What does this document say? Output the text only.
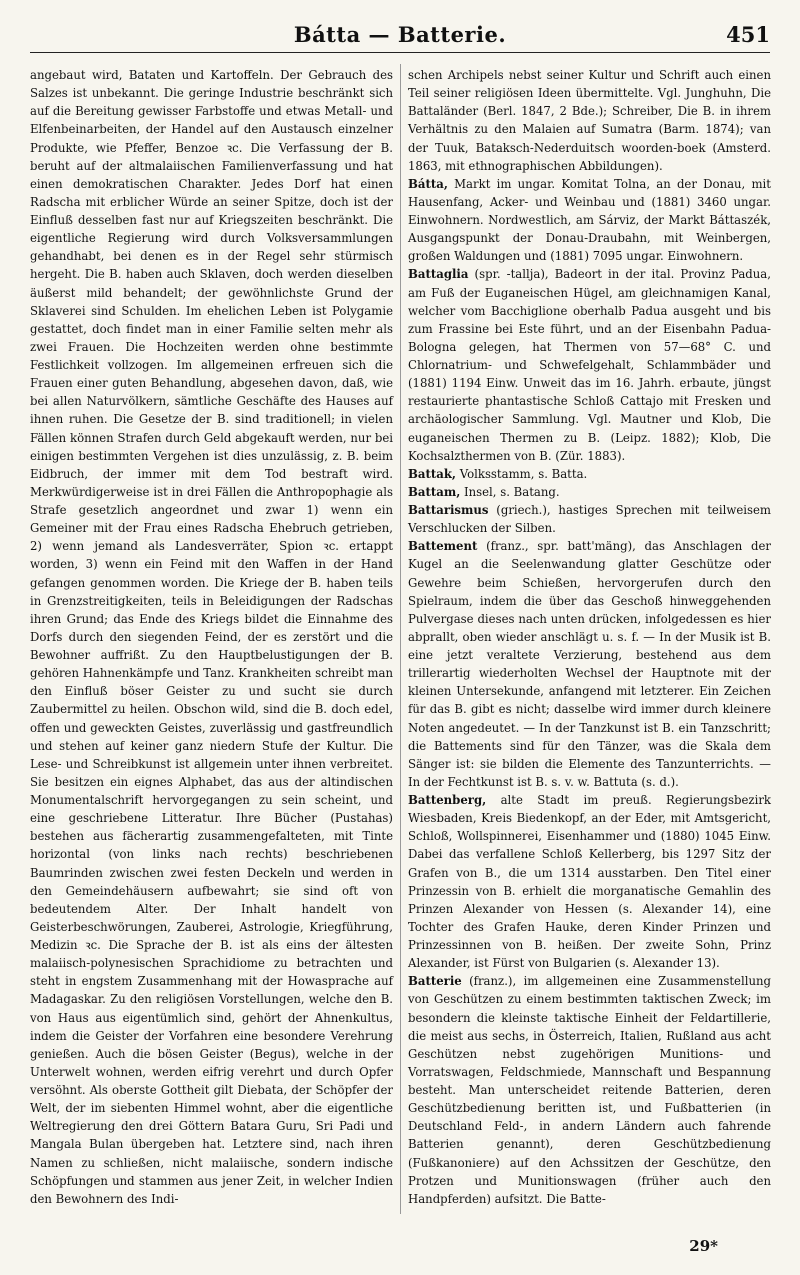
Bátta — Batterie.	451

angebaut wird, Bataten und Kartoffeln. Der Gebrauch des Salzes ist unbekannt. Die geringe Industrie beschränkt sich auf die Bereitung gewisser Farbstoffe und etwas Metall- und Elfenbeinarbeiten, der Handel auf den Austausch einzelner Produkte, wie Pfeffer, Benzoe ꝛc. Die Verfassung der B. beruht auf der altmalaiischen Familienverfassung und hat einen demokratischen Charakter. Jedes Dorf hat einen Radscha mit erblicher Würde an seiner Spitze, doch ist der Einfluß desselben fast nur auf Kriegszeiten beschränkt. Die eigentliche Regierung wird durch Volksversammlungen gehandhabt, bei denen es in der Regel sehr stürmisch hergeht. Die B. haben auch Sklaven, doch werden dieselben äußerst mild behandelt; der gewöhnlichste Grund der Sklaverei sind Schulden. Im ehelichen Leben ist Polygamie gestattet, doch findet man in einer Familie selten mehr als zwei Frauen. Die Hochzeiten werden ohne bestimmte Festlichkeit vollzogen. Im allgemeinen erfreuen sich die Frauen einer guten Behandlung, abgesehen davon, daß, wie bei allen Naturvölkern, sämtliche Geschäfte des Hauses auf ihnen ruhen. Die Gesetze der B. sind traditionell; in vielen Fällen können Strafen durch Geld abgekauft werden, nur bei einigen bestimmten Vergehen ist dies unzulässig, z. B. beim Eidbruch, der immer mit dem Tod bestraft wird. Merkwürdigerweise ist in drei Fällen die Anthropophagie als Strafe gesetzlich angeordnet und zwar 1) wenn ein Gemeiner mit der Frau eines Radscha Ehebruch getrieben, 2) wenn jemand als Landesverräter, Spion ꝛc. ertappt worden, 3) wenn ein Feind mit den Waffen in der Hand gefangen genommen worden. Die Kriege der B. haben teils in Grenzstreitigkeiten, teils in Beleidigungen der Radschas ihren Grund; das Ende des Kriegs bildet die Einnahme des Dorfs durch den siegenden Feind, der es zerstört und die Bewohner auffrißt. Zu den Hauptbelustigungen der B. gehören Hahnenkämpfe und Tanz. Krankheiten schreibt man den Einfluß böser Geister zu und sucht sie durch Zaubermittel zu heilen. Obschon wild, sind die B. doch edel, offen und geweckten Geistes, zuverlässig und gastfreundlich und stehen auf keiner ganz niedern Stufe der Kultur. Die Lese- und Schreibkunst ist allgemein unter ihnen verbreitet. Sie besitzen ein eignes Alphabet, das aus der altindischen Monumentalschrift hervorgegangen zu sein scheint, und eine geschriebene Litteratur. Ihre Bücher (Pustahas) bestehen aus fächerartig zusammengefalteten, mit Tinte horizontal (von links nach rechts) beschriebenen Baumrinden zwischen zwei festen Deckeln und werden in den Gemeindehäusern aufbewahrt; sie sind oft von bedeutendem Alter. Der Inhalt handelt von Geisterbeschwörungen, Zauberei, Astrologie, Kriegführung, Medizin ꝛc. Die Sprache der B. ist als eins der ältesten malaiisch-polynesischen Sprachidiome zu betrachten und steht in engstem Zusammenhang mit der Howasprache auf Madagaskar. Zu den religiösen Vorstellungen, welche den B. von Haus aus eigentümlich sind, gehört der Ahnenkultus, indem die Geister der Vorfahren eine besondere Verehrung genießen. Auch die bösen Geister (Begus), welche in der Unterwelt wohnen, werden eifrig verehrt und durch Opfer versöhnt. Als oberste Gottheit gilt Diebata, der Schöpfer der Welt, der im siebenten Himmel wohnt, aber die eigentliche Weltregierung den drei Göttern Batara Guru, Sri Padi und Mangala Bulan übergeben hat. Letztere sind, nach ihren Namen zu schließen, nicht malaiische, sondern indische Schöpfungen und stammen aus jener Zeit, in welcher Indien den Bewohnern des Indi-

schen Archipels nebst seiner Kultur und Schrift auch einen Teil seiner religiösen Ideen übermittelte. Vgl. Junghuhn, Die Battaländer (Berl. 1847, 2 Bde.); Schreiber, Die B. in ihrem Verhältnis zu den Malaien auf Sumatra (Barm. 1874); van der Tuuk, Bataksch-Nederduitsch woorden-boek (Amsterd. 1863, mit ethnographischen Abbildungen).

Bátta, Markt im ungar. Komitat Tolna, an der Donau, mit Hausenfang, Acker- und Weinbau und (1881) 3460 ungar. Einwohnern. Nordwestlich, am Sárviz, der Markt Báttaszék, Ausgangspunkt der Donau-Draubahn, mit Weinbergen, großen Waldungen und (1881) 7095 ungar. Einwohnern.

Battaglia (spr. -tallja), Badeort in der ital. Provinz Padua, am Fuß der Euganeischen Hügel, am gleichnamigen Kanal, welcher vom Bacchiglione oberhalb Padua ausgeht und bis zum Frassine bei Este führt, und an der Eisenbahn Padua-Bologna gelegen, hat Thermen von 57—68° C. und Chlornatrium- und Schwefelgehalt, Schlammbäder und (1881) 1194 Einw. Unweit das im 16. Jahrh. erbaute, jüngst restaurierte phantastische Schloß Cattajo mit Fresken und archäologischer Sammlung. Vgl. Mautner und Klob, Die euganeischen Thermen zu B. (Leipz. 1882); Klob, Die Kochsalzthermen von B. (Zür. 1883).

Battak, Volksstamm, s. Batta.

Battam, Insel, s. Batang.

Battarismus (griech.), hastiges Sprechen mit teilweisem Verschlucken der Silben.

Battement (franz., spr. batt'mäng), das Anschlagen der Kugel an die Seelenwandung glatter Geschütze oder Gewehre beim Schießen, hervorgerufen durch den Spielraum, indem die über das Geschoß hinweggehenden Pulvergase dieses nach unten drücken, infolgedessen es hier abprallt, oben wieder anschlägt u. s. f. — In der Musik ist B. eine jetzt veraltete Verzierung, bestehend aus dem trillerartig wiederholten Wechsel der Hauptnote mit der kleinen Untersekunde, anfangend mit letzterer. Ein Zeichen für das B. gibt es nicht; dasselbe wird immer durch kleinere Noten angedeutet. — In der Tanzkunst ist B. ein Tanzschritt; die Battements sind für den Tänzer, was die Skala dem Sänger ist: sie bilden die Elemente des Tanzunterrichts. — In der Fechtkunst ist B. s. v. w. Battuta (s. d.).

Battenberg, alte Stadt im preuß. Regierungsbezirk Wiesbaden, Kreis Biedenkopf, an der Eder, mit Amtsgericht, Schloß, Wollspinnerei, Eisenhammer und (1880) 1045 Einw. Dabei das verfallene Schloß Kellerberg, bis 1297 Sitz der Grafen von B., die um 1314 ausstarben. Den Titel einer Prinzessin von B. erhielt die morganatische Gemahlin des Prinzen Alexander von Hessen (s. Alexander 14), eine Tochter des Grafen Hauke, deren Kinder Prinzen und Prinzessinnen von B. heißen. Der zweite Sohn, Prinz Alexander, ist Fürst von Bulgarien (s. Alexander 13).

Batterie (franz.), im allgemeinen eine Zusammenstellung von Geschützen zu einem bestimmten taktischen Zweck; im besondern die kleinste taktische Einheit der Feldartillerie, die meist aus sechs, in Österreich, Italien, Rußland aus acht Geschützen nebst zugehörigen Munitions- und Vorratswagen, Feldschmiede, Mannschaft und Bespannung besteht. Man unterscheidet reitende Batterien, deren Geschützbedienung beritten ist, und Fußbatterien (in Deutschland Feld-, in andern Ländern auch fahrende Batterien genannt), deren Geschützbedienung (Fußkanoniere) auf den Achssitzen der Geschütze, den Protzen und Munitionswagen (früher auch den Handpferden) aufsitzt. Die Batte-

29*
